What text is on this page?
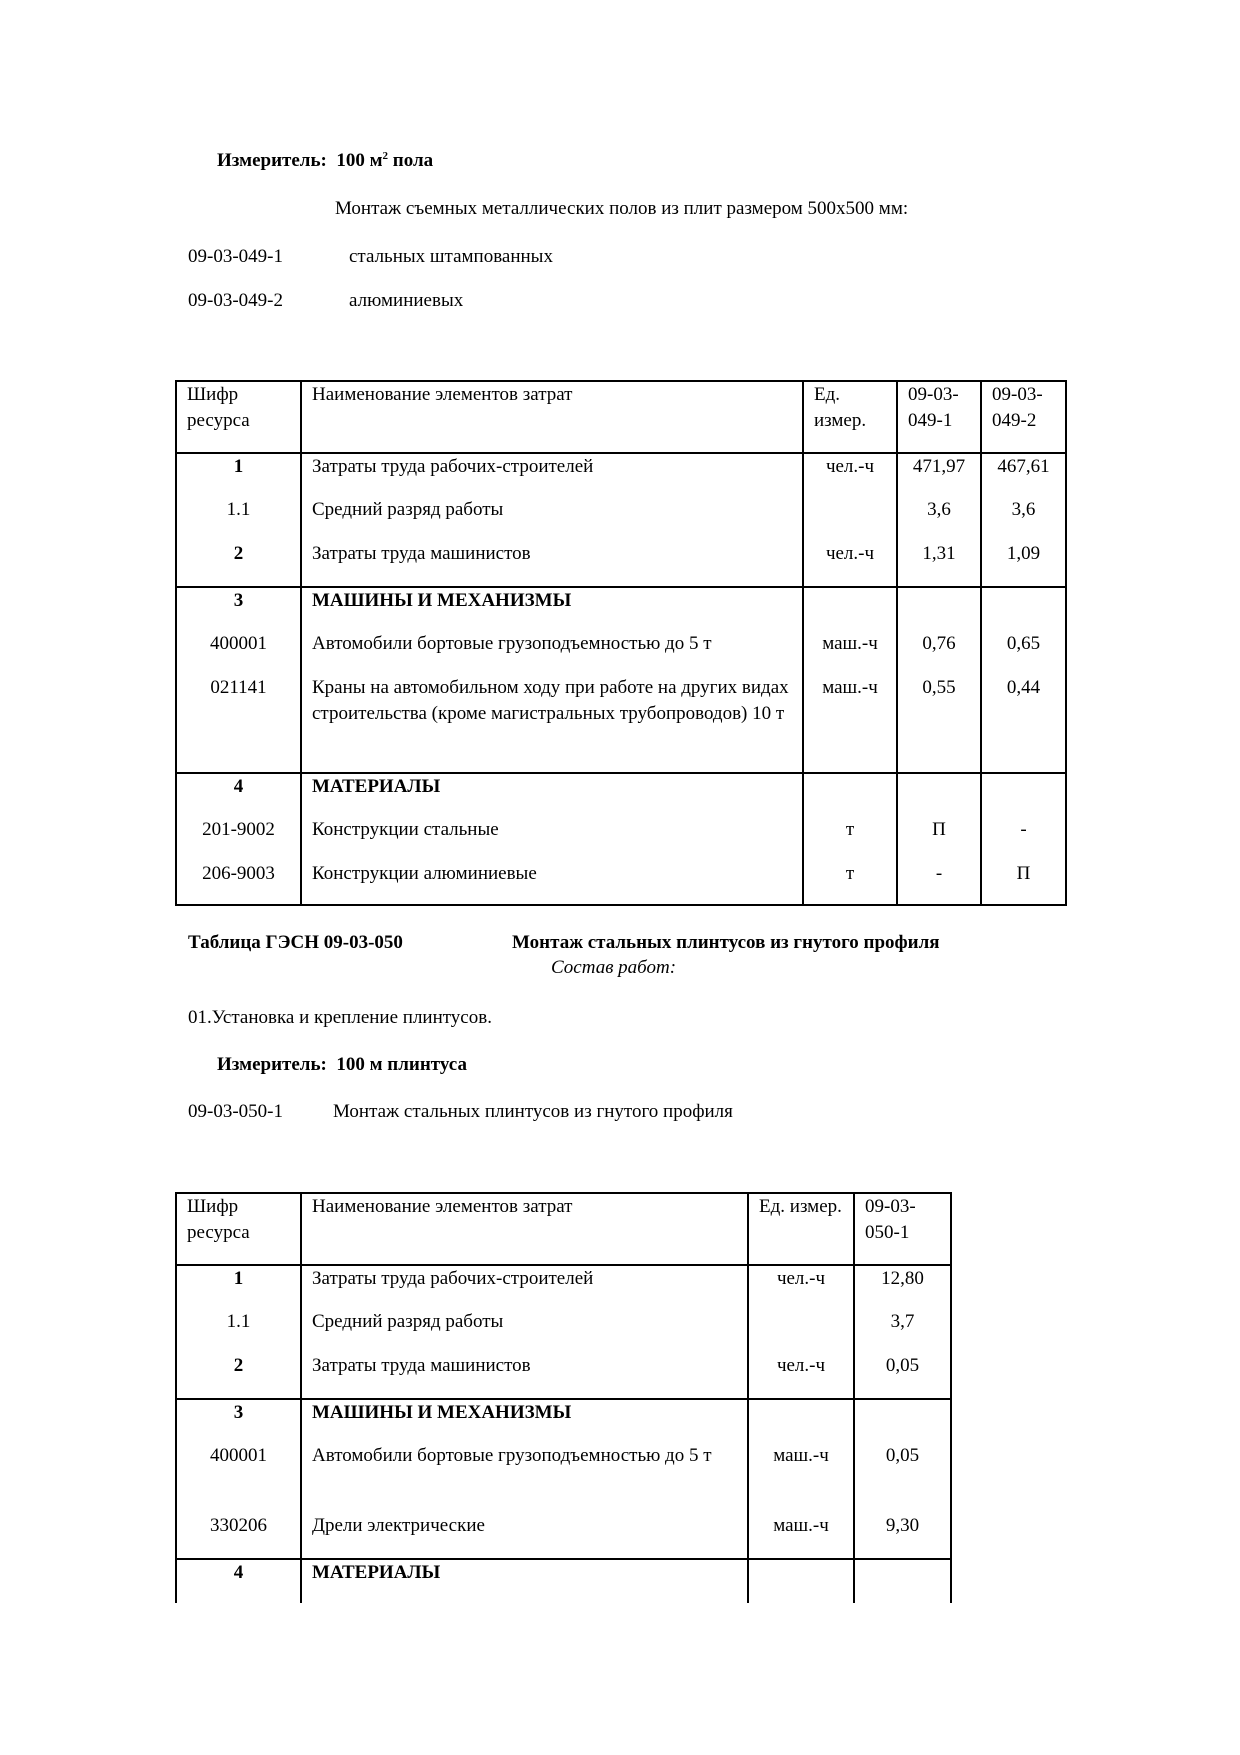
Измеритель: 100 $м^2$ пола
Монтаж съемных металлических полов из плит размером 500х500 мм:
09-03-049-1	стальных штампованных
09-03-049-2	алюминиевых
Шифр ресурса	Наименование элементов затрат	Ед. измер.	09-03-049-1	09-03-049-2
1	Затраты труда рабочих-строителей	чел.-ч	471,97	467,61
1.1	Средний разряд работы		3,6	3,6
2	Затраты труда машинистов	чел.-ч	1,31	1,09
3	МАШИНЫ И МЕХАНИЗМЫ			
400001	Автомобили бортовые грузоподъемностью до 5 т	маш.-ч	0,76	0,65
021141	Краны на автомобильном ходу при работе на других видах строительства (кроме магистральных трубопроводов) 10 т	маш.-ч	0,55	0,44
4	МАТЕРИАЛЫ			
201-9002	Конструкции стальные	т	П	-
206-9003	Конструкции алюминиевые	т	-	П
Таблица ГЭСН 09-03-050	Монтаж стальных плинтусов из гнутого профиля
Состав работ:
01.Установка и крепление плинтусов.
Измеритель: 100 м плинтуса
09-03-050-1	Монтаж стальных плинтусов из гнутого профиля
Шифр ресурса	Наименование элементов затрат	Ед. измер.	09-03-050-1
1	Затраты труда рабочих-строителей	чел.-ч	12,80
1.1	Средний разряд работы		3,7
2	Затраты труда машинистов	чел.-ч	0,05
3	МАШИНЫ И МЕХАНИЗМЫ		
400001	Автомобили бортовые грузоподъемностью до 5 т	маш.-ч	0,05
330206	Дрели электрические	маш.-ч	9,30
4	МАТЕРИАЛЫ		
